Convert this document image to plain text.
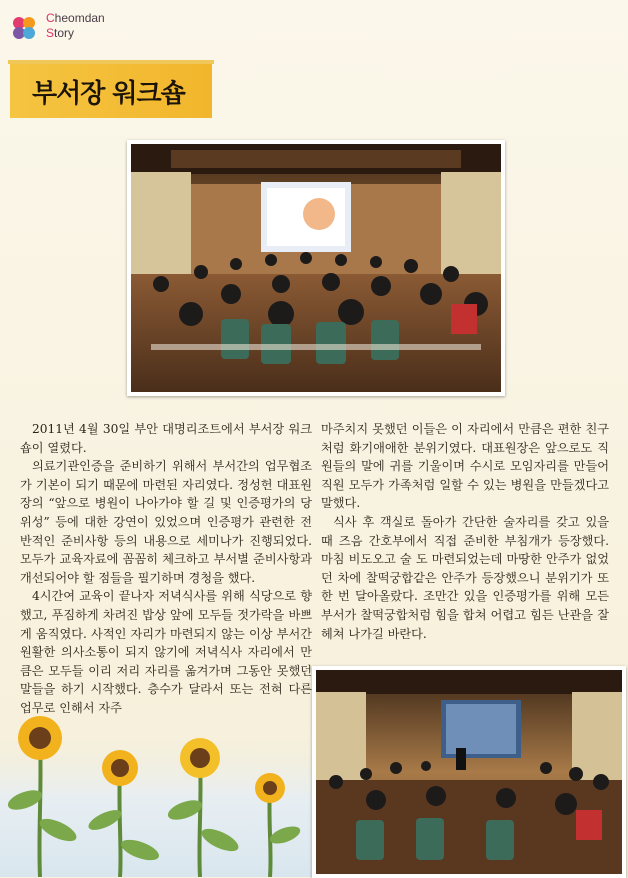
Cheomdan
Story
부서장 워크숍

2011년 4월 30일 부안 대명리조트에서 부서장 워크숍이 열렸다.

의료기관인증을 준비하기 위해서 부서간의 업무협조가 기본이 되기 때문에 마련된 자리였다. 정성헌 대표원장의 “앞으로 병원이 나아가야 할 길 및 인증평가의 당위성” 등에 대한 강연이 있었으며 인증평가 관련한 전반적인 준비사항 등의 내용으로 세미나가 진행되었다. 모두가 교육자료에 꼼꼼히 체크하고 부서별 준비사항과 개선되어야 할 점들을 필기하며 경청을 했다.

4시간여 교육이 끝나자 저녁식사를 위해 식당으로 향했고, 푸짐하게 차려진 밥상 앞에 모두들 젓가락을 바쁘게 움직였다. 사적인 자리가 마련되지 않는 이상 부서간 원활한 의사소통이 되지 않기에 저녁식사 자리에서 만큼은 모두들 이리 저리 자리를 옮겨가며 그동안 못했던 말들을 하기 시작했다. 층수가 달라서 또는 전혀 다른 업무로 인해서 자주

마주치지 못했던 이들은 이 자리에서 만큼은 편한 친구처럼 화기애애한 분위기였다. 대표원장은 앞으로도 직원들의 말에 귀를 기울이며 수시로 모임자리를 만들어 직원 모두가 가족처럼 일할 수 있는 병원을 만들겠다고 말했다.

식사 후 객실로 돌아가 간단한 술자리를 갖고 있을 때 즈음 간호부에서 직접 준비한 부침개가 등장했다. 마침 비도오고 술 도 마련되었는데 마땅한 안주가 없었던 차에 찰떡궁합같은 안주가 등장했으니 분위기가 또 한 번 달아올랐다. 조만간 있을 인증평가를 위해 모든 부서가 찰떡궁합처럼 힘을 합쳐 어렵고 힘든 난관을 잘 헤쳐 나가길 바란다.
